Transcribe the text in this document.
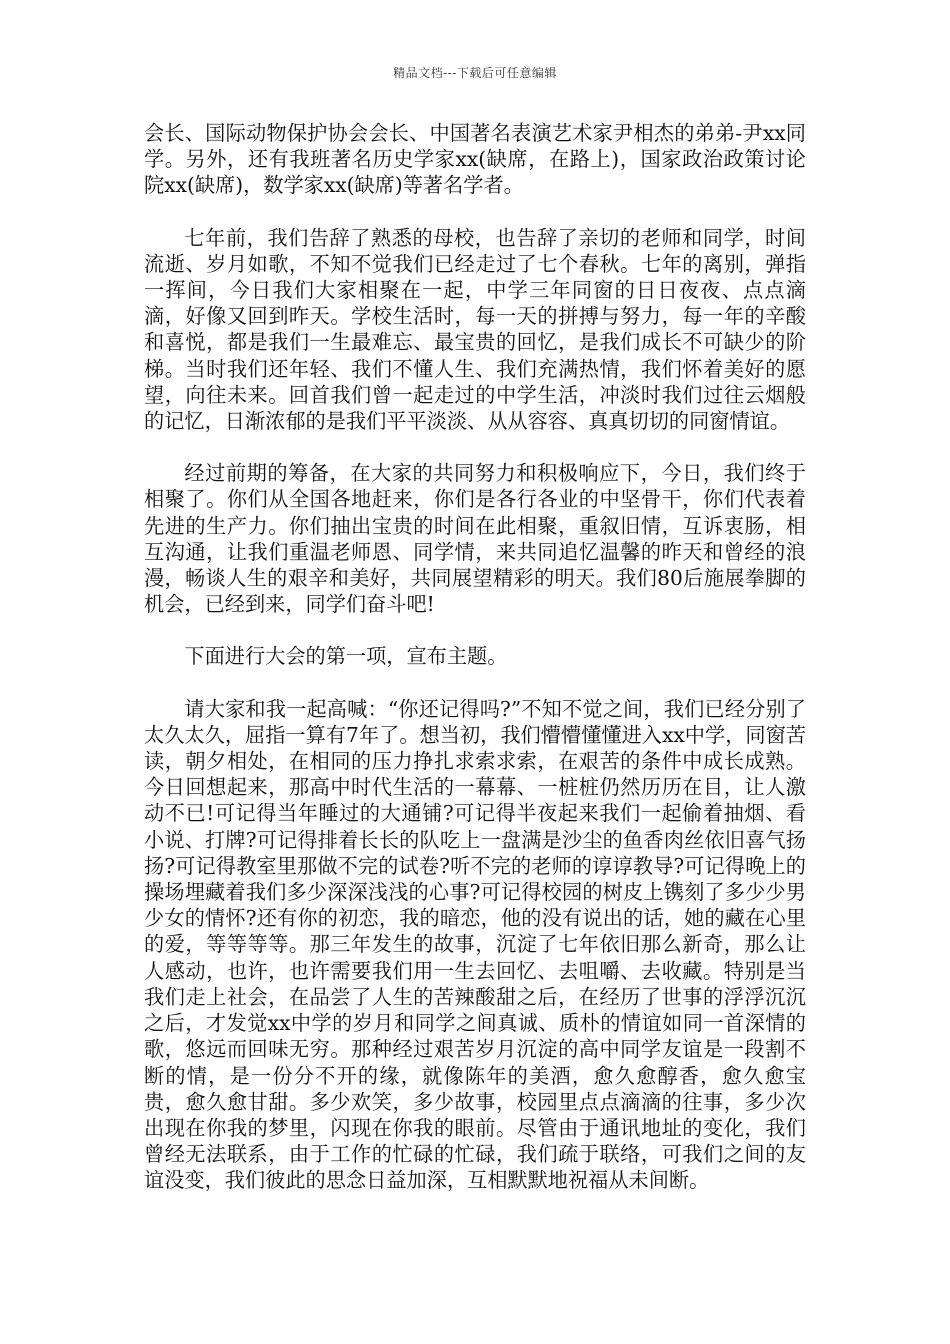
精品文档---下载后可任意编辑

会长、国际动物保护协会会长、中国著名表演艺术家尹相杰的弟弟-尹xx同学。另外，还有我班著名历史学家xx(缺席，在路上)，国家政治政策讨论院xx(缺席)，数学家xx(缺席)等著名学者。

七年前，我们告辞了熟悉的母校，也告辞了亲切的老师和同学，时间流逝、岁月如歌，不知不觉我们已经走过了七个春秋。七年的离别，弹指一挥间，今日我们大家相聚在一起，中学三年同窗的日日夜夜、点点滴滴，好像又回到昨天。学校生活时，每一天的拼搏与努力，每一年的辛酸和喜悦，都是我们一生最难忘、最宝贵的回忆，是我们成长不可缺少的阶梯。当时我们还年轻、我们不懂人生、我们充满热情，我们怀着美好的愿望，向往未来。回首我们曾一起走过的中学生活，冲淡时我们过往云烟般的记忆，日渐浓郁的是我们平平淡淡、从从容容、真真切切的同窗情谊。

经过前期的筹备，在大家的共同努力和积极响应下，今日，我们终于相聚了。你们从全国各地赶来，你们是各行各业的中坚骨干，你们代表着先进的生产力。你们抽出宝贵的时间在此相聚，重叙旧情，互诉衷肠，相互沟通，让我们重温老师恩、同学情，来共同追忆温馨的昨天和曾经的浪漫，畅谈人生的艰辛和美好，共同展望精彩的明天。我们80后施展拳脚的机会，已经到来，同学们奋斗吧!

下面进行大会的第一项，宣布主题。

请大家和我一起高喊：“你还记得吗?”不知不觉之间，我们已经分别了太久太久，屈指一算有7年了。想当初，我们懵懵懂懂进入xx中学，同窗苦读，朝夕相处，在相同的压力挣扎求索求索，在艰苦的条件中成长成熟。今日回想起来，那高中时代生活的一幕幕、一桩桩仍然历历在目，让人激动不已!可记得当年睡过的大通铺?可记得半夜起来我们一起偷着抽烟、看小说、打牌?可记得排着长长的队吃上一盘满是沙尘的鱼香肉丝依旧喜气扬扬?可记得教室里那做不完的试卷?听不完的老师的谆谆教导?可记得晚上的操场埋藏着我们多少深深浅浅的心事?可记得校园的树皮上镌刻了多少少男少女的情怀?还有你的初恋，我的暗恋，他的没有说出的话，她的藏在心里的爱，等等等等。那三年发生的故事，沉淀了七年依旧那么新奇，那么让人感动，也许，也许需要我们用一生去回忆、去咀嚼、去收藏。特别是当我们走上社会，在品尝了人生的苦辣酸甜之后，在经历了世事的浮浮沉沉之后，才发觉xx中学的岁月和同学之间真诚、质朴的情谊如同一首深情的歌，悠远而回味无穷。那种经过艰苦岁月沉淀的高中同学友谊是一段割不断的情，是一份分不开的缘，就像陈年的美酒，愈久愈醇香，愈久愈宝贵，愈久愈甘甜。多少欢笑，多少故事，校园里点点滴滴的往事，多少次出现在你我的梦里，闪现在你我的眼前。尽管由于通讯地址的变化，我们曾经无法联系，由于工作的忙碌的忙碌，我们疏于联络，可我们之间的友谊没变，我们彼此的思念日益加深，互相默默地祝福从未间断。
